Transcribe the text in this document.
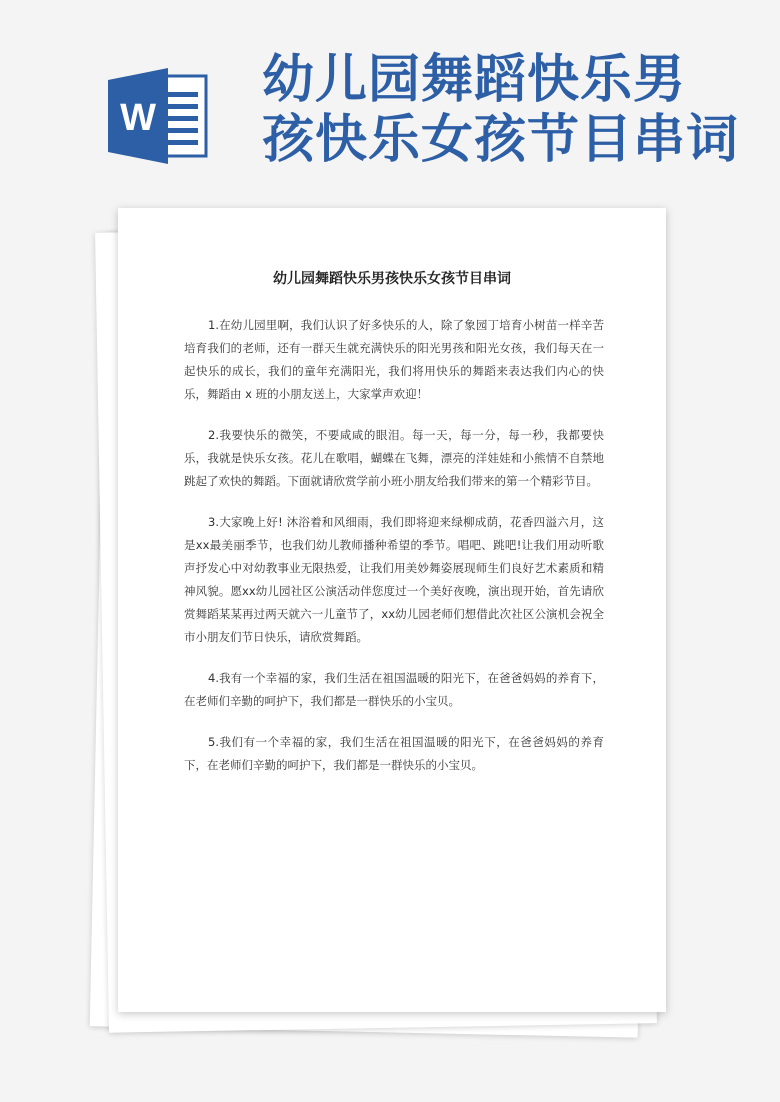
W
幼儿园舞蹈快乐男
孩快乐女孩节目串词
幼儿园舞蹈快乐男孩快乐女孩节目串词

1.在幼儿园里啊，我们认识了好多快乐的人，除了象园丁培育小树苗一样辛苦培育我们的老师，还有一群天生就充满快乐的阳光男孩和阳光女孩，我们每天在一起快乐的成长，我们的童年充满阳光，我们将用快乐的舞蹈来表达我们内心的快乐，舞蹈由 x 班的小朋友送上，大家掌声欢迎！

2.我要快乐的微笑，不要咸咸的眼泪。每一天，每一分，每一秒，我都要快乐，我就是快乐女孩。花儿在歌唱，蝴蝶在飞舞，漂亮的洋娃娃和小熊情不自禁地跳起了欢快的舞蹈。下面就请欣赏学前小班小朋友给我们带来的第一个精彩节目。

3.大家晚上好! 沐浴着和风细雨，我们即将迎来绿柳成荫，花香四溢六月，这是xx最美丽季节，也我们幼儿教师播种希望的季节。唱吧、跳吧!让我们用动听歌声抒发心中对幼教事业无限热爱，让我们用美妙舞姿展现师生们良好艺术素质和精神风貌。愿xx幼儿园社区公演活动伴您度过一个美好夜晚，演出现开始，首先请欣赏舞蹈某某再过两天就六一儿童节了，xx幼儿园老师们想借此次社区公演机会祝全市小朋友们节日快乐，请欣赏舞蹈。

4.我有一个幸福的家，我们生活在祖国温暖的阳光下，在爸爸妈妈的养育下，在老师们辛勤的呵护下，我们都是一群快乐的小宝贝。

5.我们有一个幸福的家，我们生活在祖国温暖的阳光下，在爸爸妈妈的养育下，在老师们辛勤的呵护下，我们都是一群快乐的小宝贝。
